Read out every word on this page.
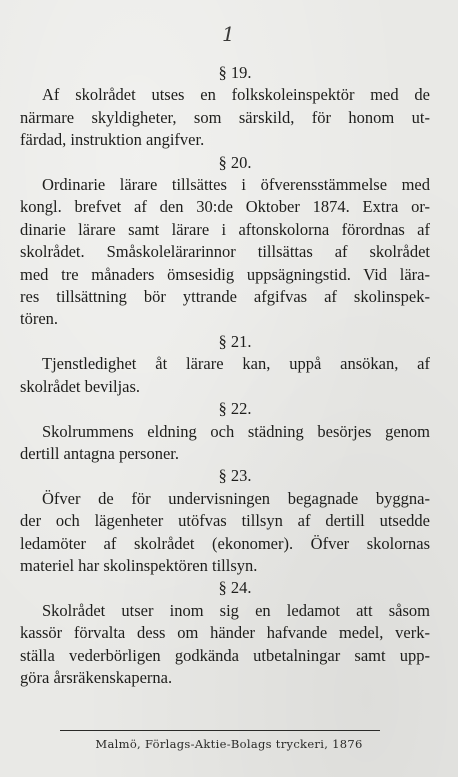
1
§ 19.
Af skolrådet utses en folkskoleinspektör med de
närmare skyldigheter, som särskild, för honom ut-
färdad, instruktion angifver.
§ 20.
Ordinarie lärare tillsättes i öfverensstämmelse med
kongl. brefvet af den 30:de Oktober 1874. Extra or-
dinarie lärare samt lärare i aftonskolorna förordnas af
skolrådet. Småskolelärarinnor tillsättas af skolrådet
med tre månaders ömsesidig uppsägningstid. Vid lära-
res tillsättning bör yttrande afgifvas af skolinspek-
tören.
§ 21.
Tjenstledighet åt lärare kan, uppå ansökan, af
skolrådet beviljas.
§ 22.
Skolrummens eldning och städning besörjes genom
dertill antagna personer.
§ 23.
Öfver de för undervisningen begagnade byggna-
der och lägenheter utöfvas tillsyn af dertill utsedde
ledamöter af skolrådet (ekonomer). Öfver skolornas
materiel har skolinspektören tillsyn.
§ 24.
Skolrådet utser inom sig en ledamot att såsom
kassör förvalta dess om händer hafvande medel, verk-
ställa vederbörligen godkända utbetalningar samt upp-
göra årsräkenskaperna.
Malmö, Förlags-Aktie-Bolags tryckeri, 1876
